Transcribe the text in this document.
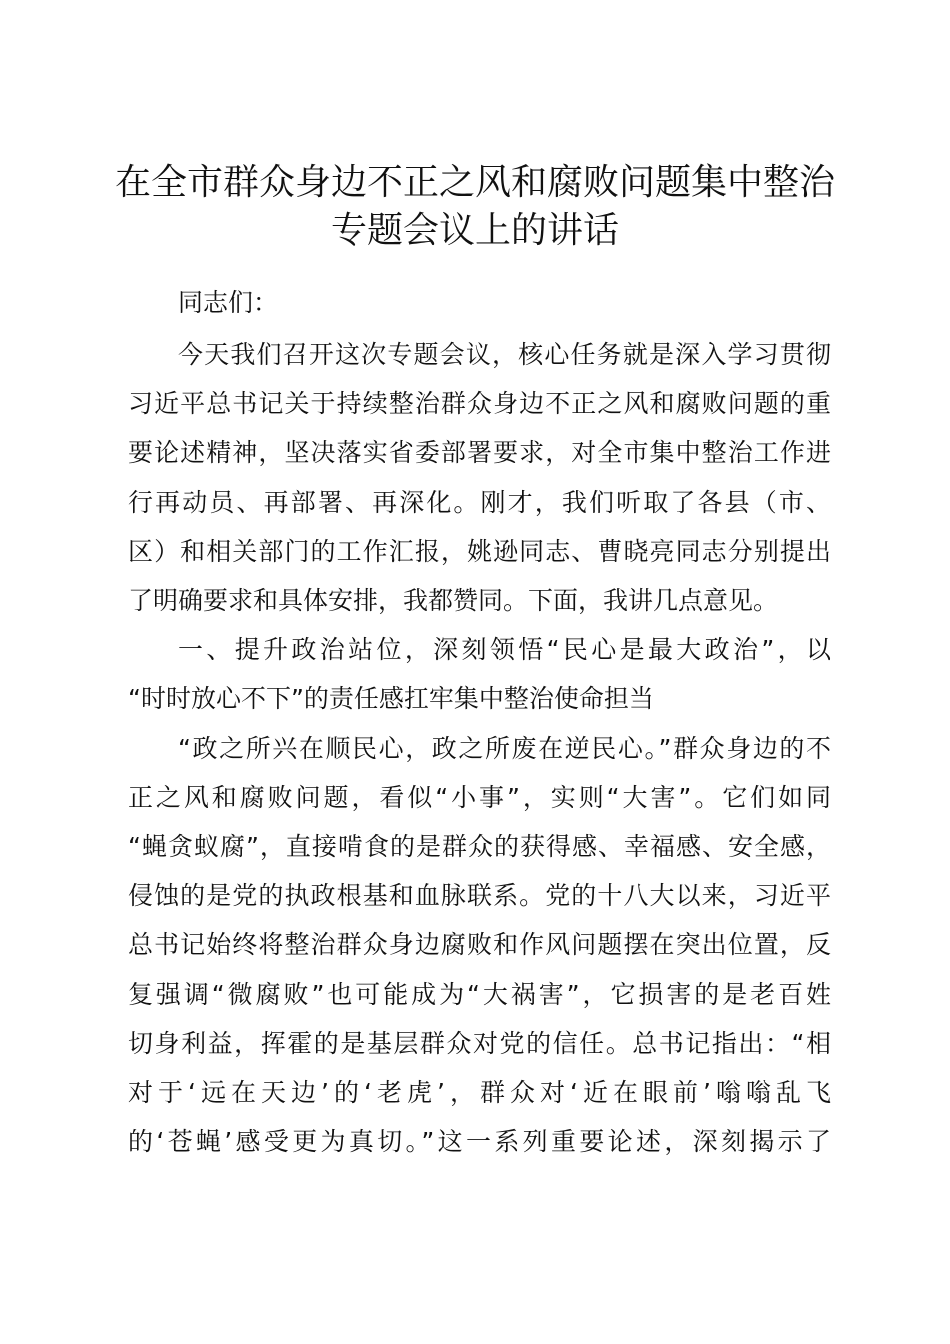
在全市群众身边不正之风和腐败问题集中整治
专题会议上的讲话
同志们：
今天我们召开这次专题会议，核心任务就是深入学习贯彻
习近平总书记关于持续整治群众身边不正之风和腐败问题的重
要论述精神，坚决落实省委部署要求，对全市集中整治工作进
行再动员、再部署、再深化。刚才，我们听取了各县（市、
区）和相关部门的工作汇报，姚逊同志、曹晓亮同志分别提出
了明确要求和具体安排，我都赞同。下面，我讲几点意见。
一、提升政治站位，深刻领悟“民心是最大政治”，以
“时时放心不下”的责任感扛牢集中整治使命担当
“政之所兴在顺民心，政之所废在逆民心。”群众身边的不
正之风和腐败问题，看似“小事”，实则“大害”。它们如同
“蝇贪蚁腐”，直接啃食的是群众的获得感、幸福感、安全感，
侵蚀的是党的执政根基和血脉联系。党的十八大以来，习近平
总书记始终将整治群众身边腐败和作风问题摆在突出位置，反
复强调“微腐败”也可能成为“大祸害”，它损害的是老百姓
切身利益，挥霍的是基层群众对党的信任。总书记指出：“相
对于‘远在天边’的‘老虎’，群众对‘近在眼前’嗡嗡乱飞
的‘苍蝇’感受更为真切。”这一系列重要论述，深刻揭示了
